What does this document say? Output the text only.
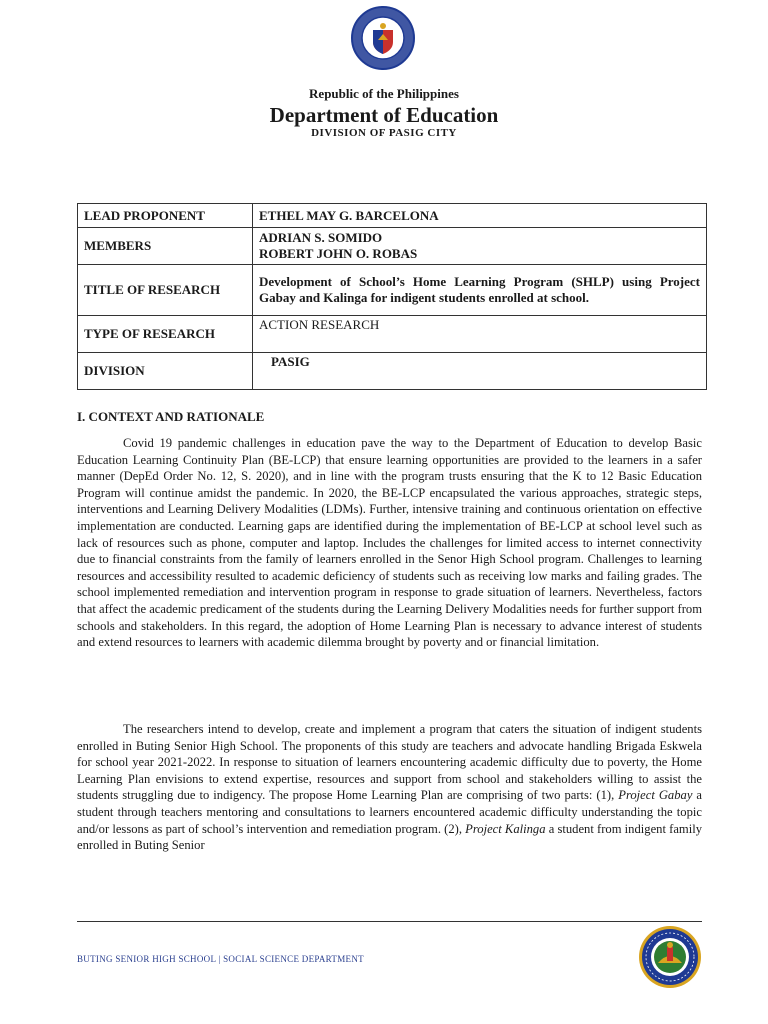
Republic of the Philippines
Department of Education
DIVISION OF PASIG CITY
LEAD PROPONENT	ETHEL MAY G. BARCELONA
MEMBERS	ADRIAN S. SOMIDO
ROBERT JOHN O. ROBAS

TITLE OF RESEARCH	Development of School’s Home Learning Program (SHLP) using Project Gabay and Kalinga for indigent students enrolled at school.
TYPE OF RESEARCH	ACTION RESEARCH
DIVISION	PASIG
I. CONTEXT AND RATIONALE

Covid 19 pandemic challenges in education pave the way to the Department of Education to develop Basic Education Learning Continuity Plan (BE-LCP) that ensure learning opportunities are provided to the learners in a safer manner (DepEd Order No. 12, S. 2020), and in line with the program trusts ensuring that the K to 12 Basic Education Program will continue amidst the pandemic. In 2020, the BE-LCP encapsulated the various approaches, strategic steps, interventions and Learning Delivery Modalities (LDMs). Further, intensive training and continuous orientation on effective implementation are conducted. Learning gaps are identified during the implementation of BE-LCP at school level such as lack of resources such as phone, computer and laptop. Includes the challenges for limited access to internet connectivity due to financial constraints from the family of learners enrolled in the Senor High School program. Challenges to learning resources and accessibility resulted to academic deficiency of students such as receiving low marks and failing grades. The school implemented remediation and intervention program in response to grade situation of learners. Nevertheless, factors that affect the academic predicament of the students during the Learning Delivery Modalities needs for further support from schools and stakeholders. In this regard, the adoption of Home Learning Plan is necessary to advance interest of students and extend resources to learners with academic dilemma brought by poverty and or financial limitation.

The researchers intend to develop, create and implement a program that caters the situation of indigent students enrolled in Buting Senior High School. The proponents of this study are teachers and advocate handling Brigada Eskwela for school year 2021-2022. In response to situation of learners encountering academic difficulty due to poverty, the Home Learning Plan envisions to extend expertise, resources and support from school and stakeholders willing to assist the students struggling due to indigency. The propose Home Learning Plan are comprising of two parts: (1), Project Gabay a student through teachers mentoring and consultations to learners encountered academic difficulty understanding the topic and/or lessons as part of school’s intervention and remediation program. (2), Project Kalinga a student from indigent family enrolled in Buting Senior

BUTING SENIOR HIGH SCHOOL | SOCIAL SCIENCE DEPARTMENT
